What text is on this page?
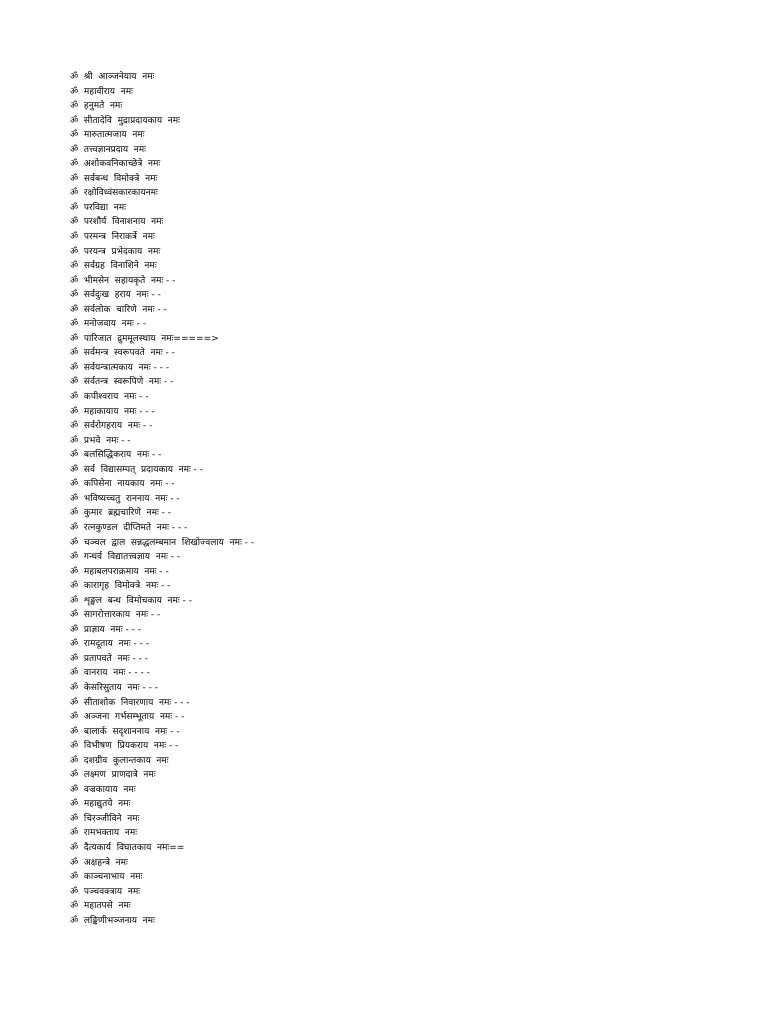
ॐ  श्री  आञ्जनेयाय  नमः
ॐ  महावीराय  नमः
ॐ  हनुमते  नमः
ॐ  सीतादेवि  मुद्राप्रदायकाय  नमः
ॐ  मारुतात्मजाय  नमः
ॐ  तत्त्वज्ञानप्रदाय  नमः
ॐ  अशोकवनिकाच्छेत्रे  नमः
ॐ  सर्वबन्ध  विमोक्त्रे  नमः
ॐ  रक्षोविध्वंसकारकायनमः
ॐ  परविद्या  नमः
ॐ  परशौर्य  विनाशनाय  नमः
ॐ  परमन्त्र  निराकर्त्रे  नमः
ॐ  परयन्त्र  प्रभेदकाय  नमः
ॐ  सर्वग्रह  विनाशिने  नमः
ॐ  भीमसेन  सहायकृते  नमः - -
ॐ  सर्वदुःख  हराय  नमः - -
ॐ  सर्वलोक  चारिणे  नमः - -
ॐ  मनोजवाय  नमः - -
ॐ  पारिजात  द्रुममूलस्थाय  नमः=====>
ॐ  सर्वमन्त्र  स्वरूपवते  नमः - -
ॐ  सर्वयन्त्रात्मकाय  नमः - - -
ॐ  सर्वतन्त्र  स्वरूपिणे  नमः - -
ॐ  कपीश्वराय  नमः - -
ॐ  महाकायाय  नमः - - -
ॐ  सर्वरोगहराय  नमः - -
ॐ  प्रभवे  नमः - -
ॐ  बलसिद्धिकराय  नमः - -
ॐ  सर्व  विद्यासम्पत्  प्रदायकाय  नमः - -
ॐ  कपिसेना  नायकाय  नमः - -
ॐ  भविष्यच्चतु  राननाय  नमः - -
ॐ  कुमार  ब्रह्मचारिणे  नमः - -
ॐ  रत्नकुण्डल  दीप्तिमते  नमः - - -
ॐ  चञ्चल  द्वाल  सन्नद्धलम्बमान  शिखोज्वलाय  नमः - -
ॐ  गन्धर्व  विद्यातत्त्वज्ञाय  नमः - -
ॐ  महाबलपराक्रमाय  नमः - -
ॐ  कारागृह  विमोक्त्रे  नमः - -
ॐ  शृङ्खल  बन्ध  विमोचकाय  नमः - -
ॐ  सागरोत्तारकाय  नमः - -
ॐ  प्राज्ञाय  नमः - - -
ॐ  रामदूताय  नमः - - -
ॐ  प्रतापवते  नमः - - -
ॐ  वानराय  नमः - - - -
ॐ  केसरिसुताय  नमः - - -
ॐ  सीताशोक  निवारणाय  नमः - - -
ॐ  अञ्जना  गर्भसम्भूताय  नमः - -
ॐ  बालार्क  सदृशाननाय  नमः - -
ॐ  विभीषण  प्रियकराय  नमः - -
ॐ  दशग्रीव  कुलान्तकाय  नमः
ॐ  लक्ष्मण  प्राणदात्रे  नमः
ॐ  वज्रकायाय  नमः
ॐ  महाद्युतये  नमः
ॐ  चिरञ्जीविने  नमः
ॐ  रामभक्ताय  नमः
ॐ  दैत्यकार्य  विघातकाय  नमः==
ॐ  अक्षहन्त्रे  नमः
ॐ  काञ्चनाभाय  नमः
ॐ  पञ्चवक्त्राय  नमः
ॐ  महातपसे  नमः
ॐ  लङ्किणीभञ्जनाय  नमः
